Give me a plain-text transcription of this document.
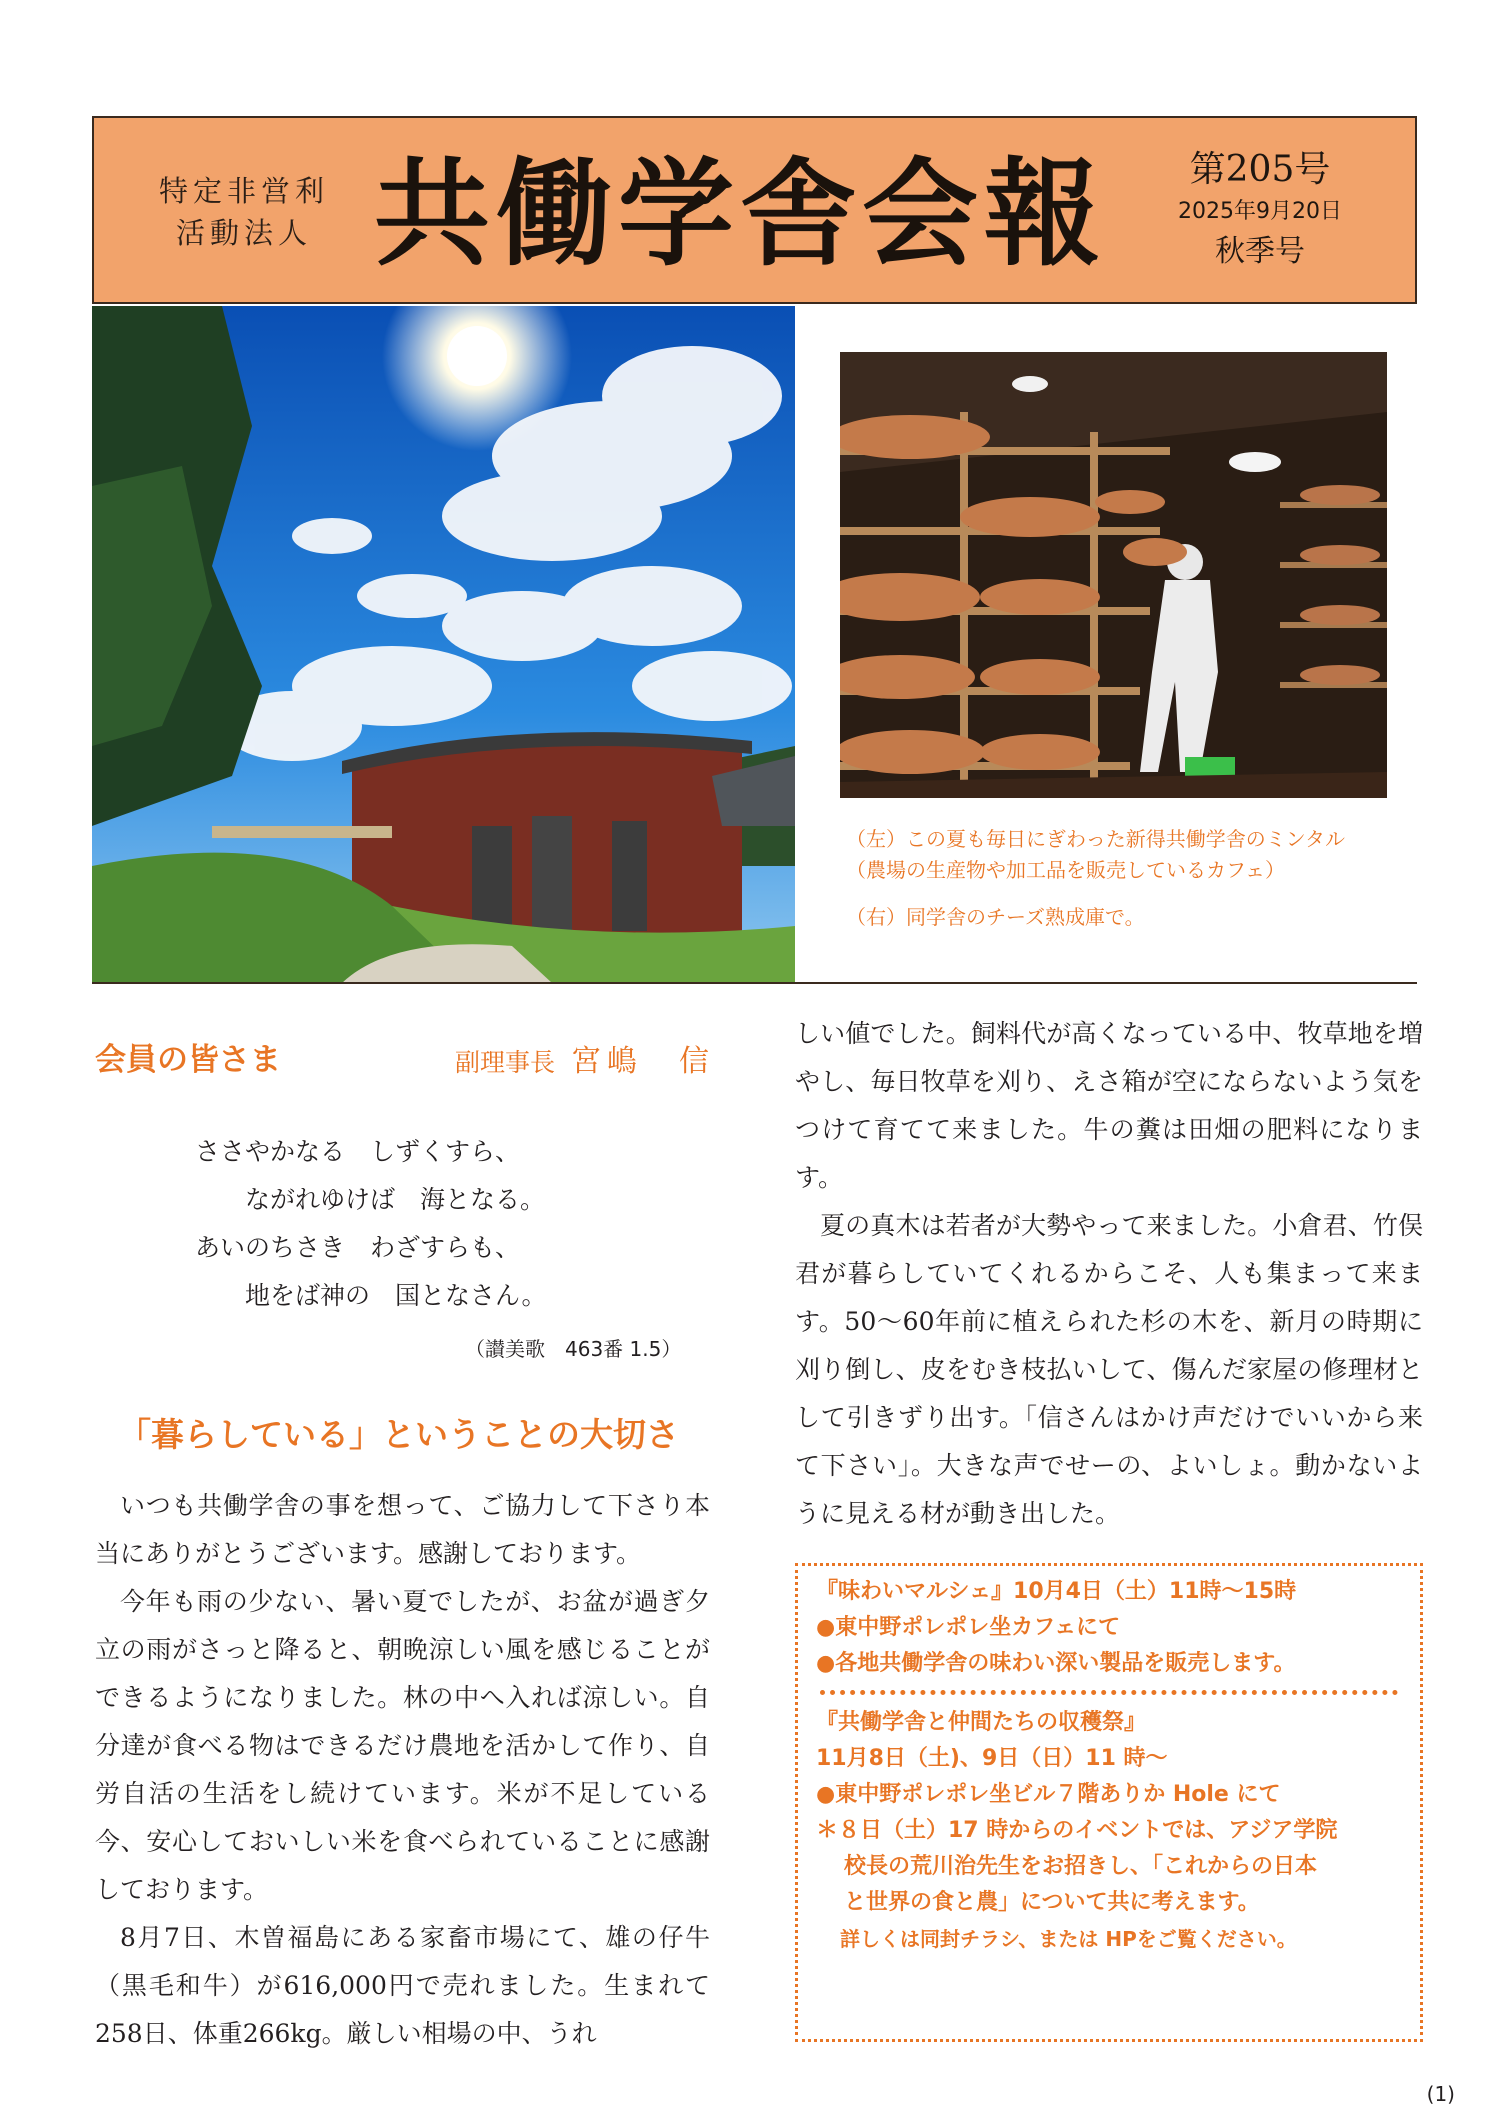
特定非営利
活動法人 共働学舎会報	第205号
2025年9月20日
秋季号

（左）この夏も毎日にぎわった新得共働学舎のミンタル
（農場の生産物や加工品を販売しているカフェ）

（右）同学舎のチーズ熟成庫で。

会員の皆さま	副理事長 宮嶋　信
ささやかなる　しずくすら、
ながれゆけば　海となる。
あいのちさき　わざすらも、
地をば神の　国となさん。
（讃美歌　463番 1.5）
「暮らしている」ということの大切さ

いつも共働学舎の事を想って、ご協力して下さり本当にありがとうございます。感謝しております。

今年も雨の少ない、暑い夏でしたが、お盆が過ぎ夕立の雨がさっと降ると、朝晩涼しい風を感じることができるようになりました。林の中へ入れば涼しい。自分達が食べる物はできるだけ農地を活かして作り、自労自活の生活をし続けています。米が不足している今、安心しておいしい米を食べられていることに感謝しております。

8月7日、木曽福島にある家畜市場にて、雄の仔牛（黒毛和牛）が616,000円で売れました。生まれて258日、体重266kg。厳しい相場の中、うれ

しい値でした。飼料代が高くなっている中、牧草地を増やし、毎日牧草を刈り、えさ箱が空にならないよう気をつけて育てて来ました。牛の糞は田畑の肥料になります。

夏の真木は若者が大勢やって来ました。小倉君、竹俣君が暮らしていてくれるからこそ、人も集まって来ます。50～60年前に植えられた杉の木を、新月の時期に刈り倒し、皮をむき枝払いして、傷んだ家屋の修理材として引きずり出す。「信さんはかけ声だけでいいから来て下さい」。大きな声でせーの、よいしょ。動かないように見える材が動き出した。

『味わいマルシェ』10月4日（土）11時〜15時
●東中野ポレポレ坐カフェにて
●各地共働学舎の味わい深い製品を販売します。
『共働学舎と仲間たちの収穫祭』
11月8日（土)、9日（日）11 時〜
●東中野ポレポレ坐ビル７階ありか Hole にて
＊８日（土）17 時からのイベントでは、アジア学院
校長の荒川治先生をお招きし、「これからの日本
と世界の食と農」について共に考えます。
詳しくは同封チラシ、または HPをご覧ください。
(1)
